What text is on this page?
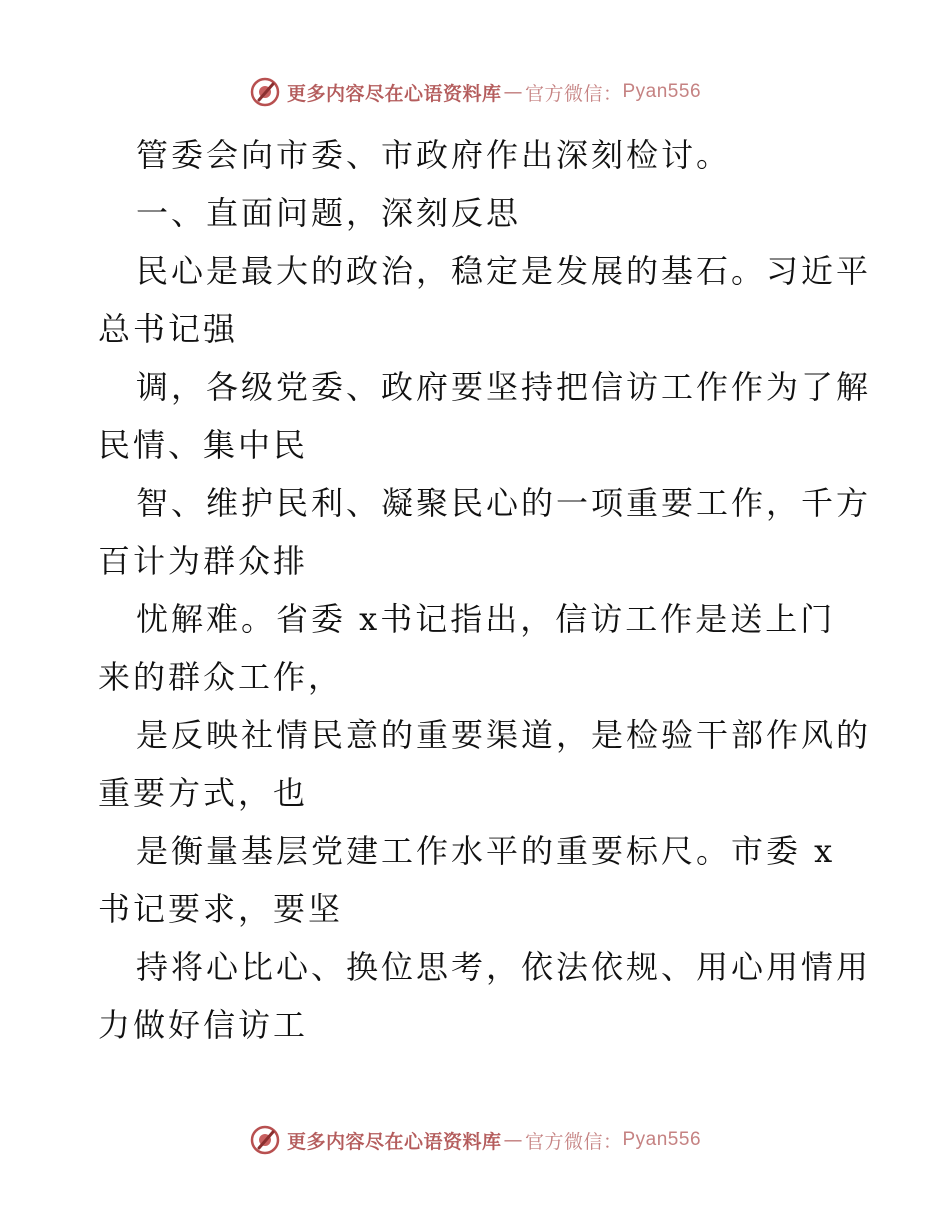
更多内容尽在心语资料库 — 官方微信： Pyan556
管委会向市委、市政府作出深刻检讨。
一、直面问题，深刻反思
民心是最大的政治，稳定是发展的基石。习近平
总书记强
调，各级党委、政府要坚持把信访工作作为了解
民情、集中民
智、维护民利、凝聚民心的一项重要工作，千方
百计为群众排
忧解难。省委 x书记指出，信访工作是送上门
来的群众工作，
是反映社情民意的重要渠道，是检验干部作风的
重要方式，也
是衡量基层党建工作水平的重要标尺。市委 x
书记要求，要坚
持将心比心、换位思考，依法依规、用心用情用
力做好信访工
更多内容尽在心语资料库 — 官方微信： Pyan556
